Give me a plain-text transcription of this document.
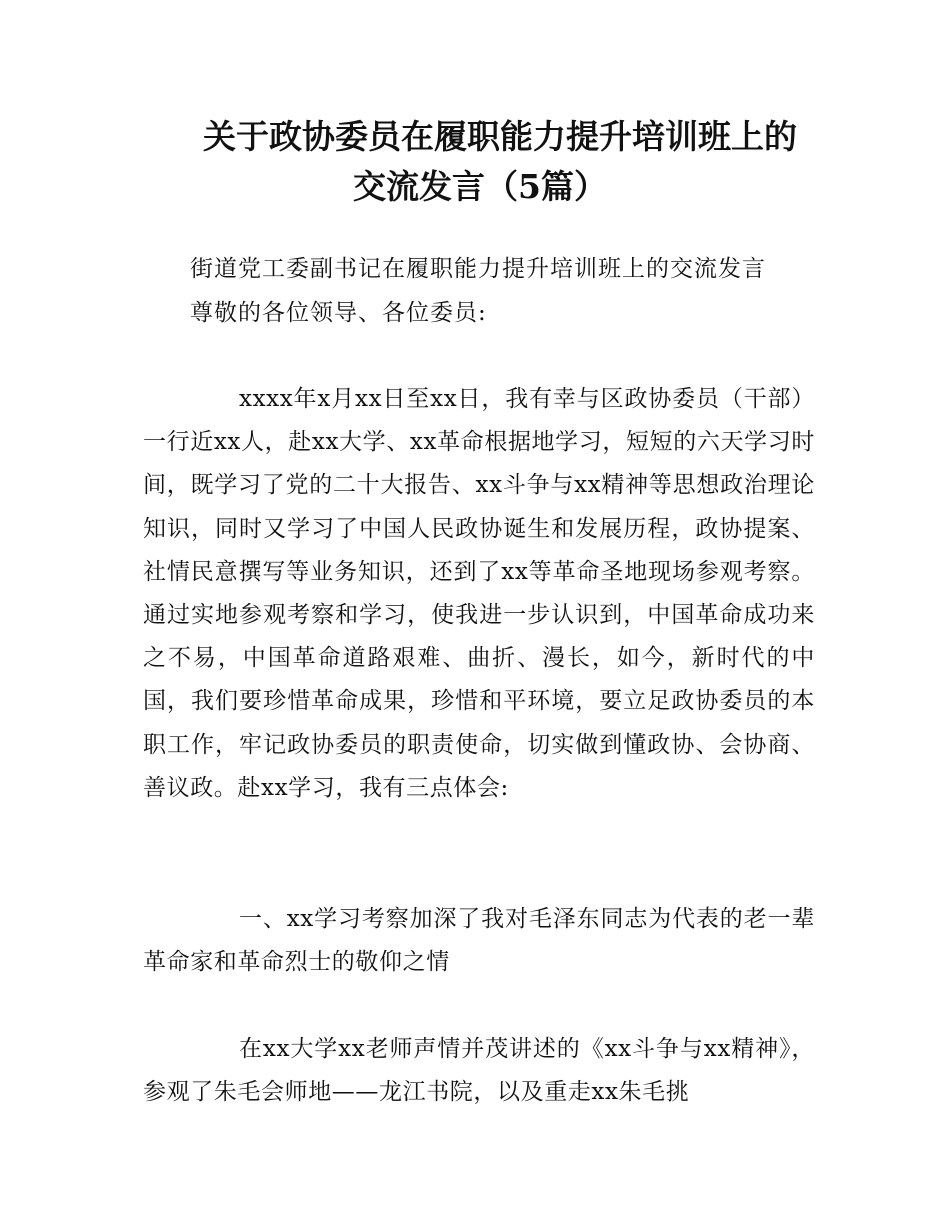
关于政协委员在履职能力提升培训班上的
交流发言（5篇）
街道党工委副书记在履职能力提升培训班上的交流发言
尊敬的各位领导、各位委员:
xxxx年x月xx日至xx日，我有幸与区政协委员（干部）一行近xx人，赴xx大学、xx革命根据地学习，短短的六天学习时间，既学习了党的二十大报告、xx斗争与xx精神等思想政治理论知识，同时又学习了中国人民政协诞生和发展历程，政协提案、社情民意撰写等业务知识，还到了xx等革命圣地现场参观考察。通过实地参观考察和学习，使我进一步认识到，中国革命成功来之不易，中国革命道路艰难、曲折、漫长，如今，新时代的中国，我们要珍惜革命成果，珍惜和平环境，要立足政协委员的本职工作，牢记政协委员的职责使命，切实做到懂政协、会协商、善议政。赴xx学习，我有三点体会:
一、xx学习考察加深了我对毛泽东同志为代表的老一辈革命家和革命烈士的敬仰之情
在xx大学xx老师声情并茂讲述的《xx斗争与xx精神》，参观了朱毛会师地——龙江书院，以及重走xx朱毛挑
